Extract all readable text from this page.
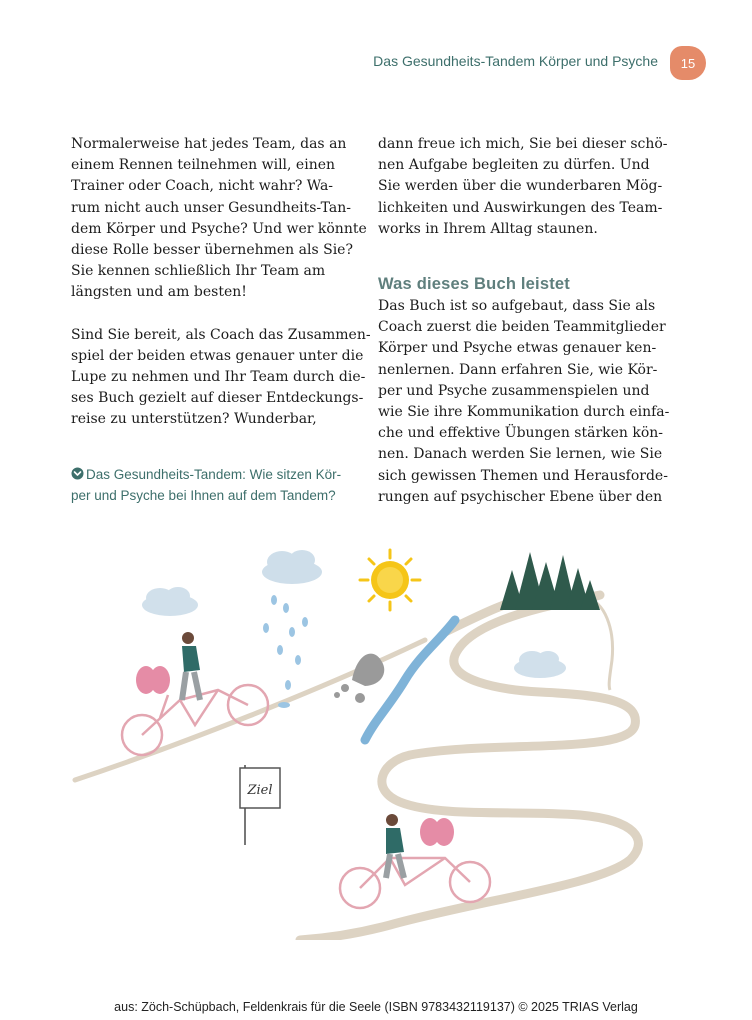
Das Gesundheits-Tandem Körper und Psyche	15

Normalerweise hat jedes Team, das an
einem Rennen teilnehmen will, einen
Trainer oder Coach, nicht wahr? Wa-
rum nicht auch unser Gesundheits-Tan-
dem Körper und Psyche? Und wer könnte
diese Rolle besser übernehmen als Sie?
Sie kennen schließlich Ihr Team am
längsten und am besten!

Sind Sie bereit, als Coach das Zusammen-
spiel der beiden etwas genauer unter die
Lupe zu nehmen und Ihr Team durch die-
ses Buch gezielt auf dieser Entdeckungs-
reise zu unterstützen? Wunderbar,

Das Gesundheits-Tandem: Wie sitzen Kör-
per und Psyche bei Ihnen auf dem Tandem?

dann freue ich mich, Sie bei dieser schö-
nen Aufgabe begleiten zu dürfen. Und
Sie werden über die wunderbaren Mög-
lichkeiten und Auswirkungen des Team-
works in Ihrem Alltag staunen.

Was dieses Buch leistet

Das Buch ist so aufgebaut, dass Sie als
Coach zuerst die beiden Teammitglieder
Körper und Psyche etwas genauer ken-
nenlernen. Dann erfahren Sie, wie Kör-
per und Psyche zusammenspielen und
wie Sie ihre Kommunikation durch einfa-
che und effektive Übungen stärken kön-
nen. Danach werden Sie lernen, wie Sie
sich gewissen Themen und Herausforde-
rungen auf psychischer Ebene über den

Ziel
aus: Zöch-Schüpbach, Feldenkrais für die Seele (ISBN 9783432119137) © 2025 TRIAS Verlag
